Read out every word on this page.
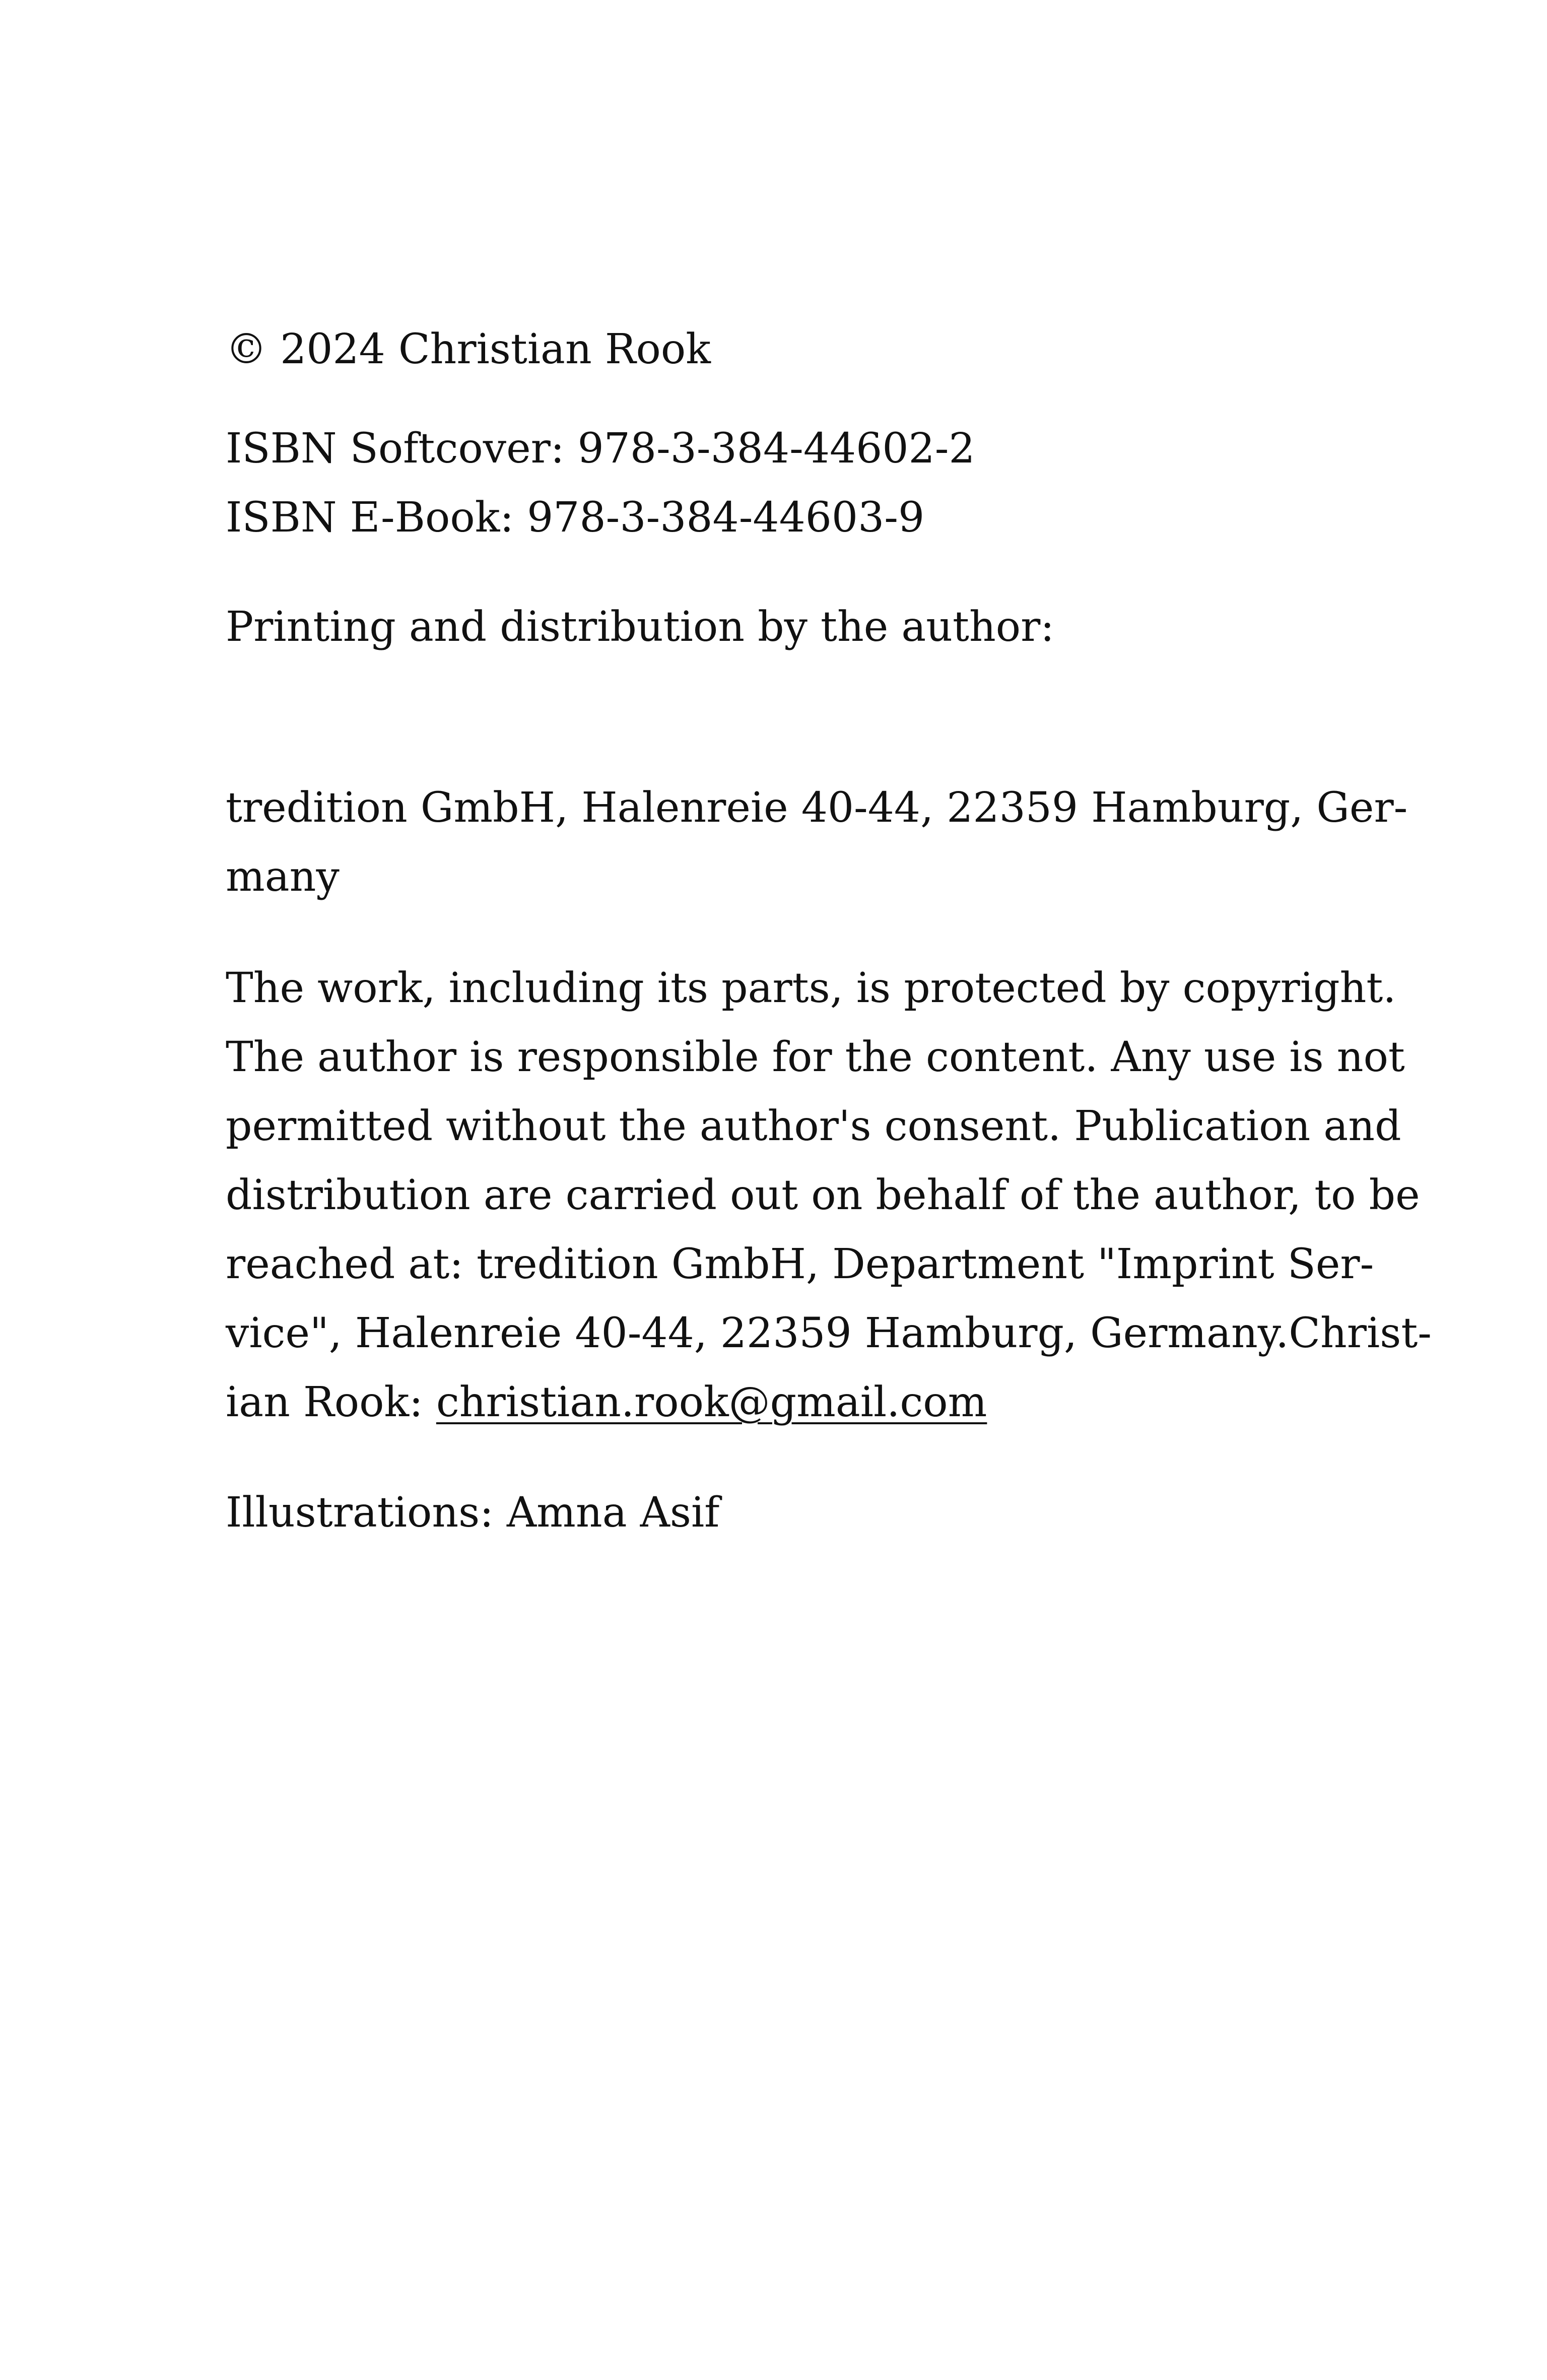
© 2024 Christian Rook
ISBN Softcover: 978-3-384-44602-2
ISBN E-Book: 978-3-384-44603-9
Printing and distribution by the author:
tredition GmbH, Halenreie 40-44, 22359 Hamburg, Ger-
many
The work, including its parts, is protected by copyright.
The author is responsible for the content. Any use is not
permitted without the author's consent. Publication and
distribution are carried out on behalf of the author, to be
reached at: tredition GmbH, Department "Imprint Ser-
vice", Halenreie 40-44, 22359 Hamburg, Germany.Christ-
ian Rook: christian.rook@gmail.com
Illustrations: Amna Asif
